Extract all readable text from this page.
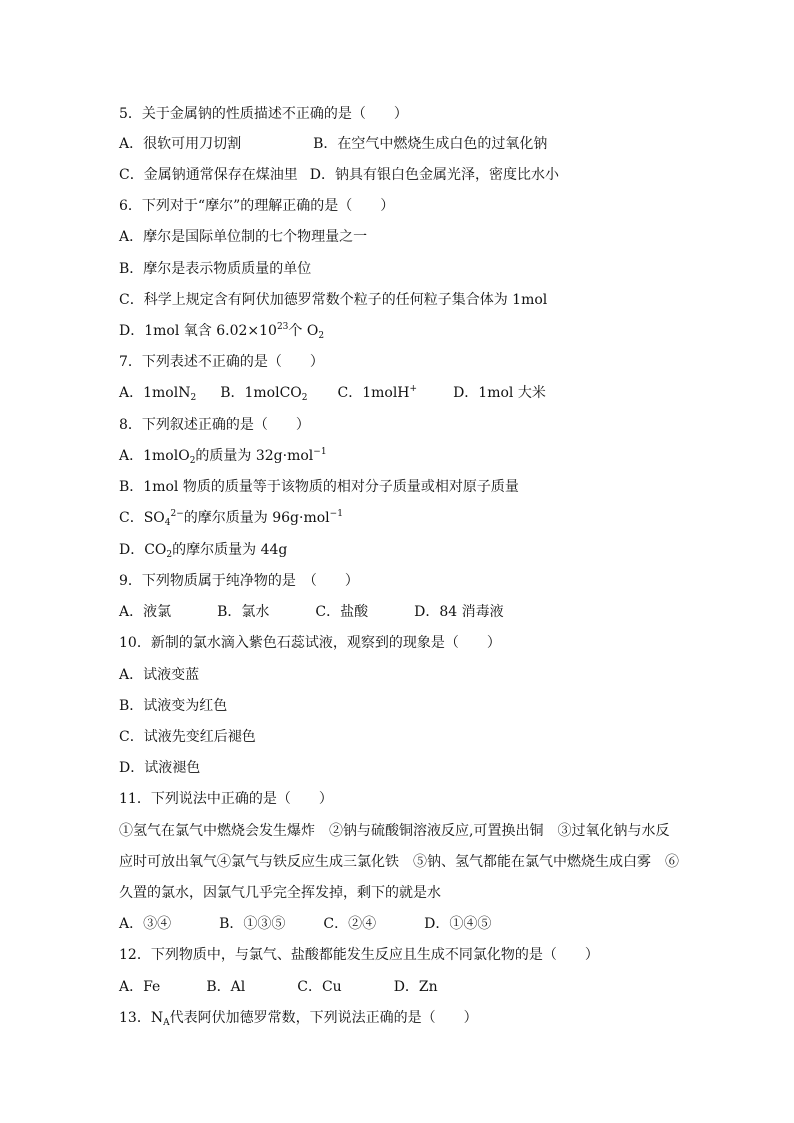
5．关于金属钠的性质描述不正确的是（　　）
A．很软可用刀切割	B．在空气中燃烧生成白色的过氧化钠
C．金属钠通常保存在煤油里 D．钠具有银白色金属光泽，密度比水小
6．下列对于“摩尔”的理解正确的是（　　）
A．摩尔是国际单位制的七个物理量之一
B．摩尔是表示物质质量的单位
C．科学上规定含有阿伏加德罗常数个粒子的任何粒子集合体为 1mol
D．1mol 氧含 $6.02\times 10^{23}$个 $O_2$
7．下列表述不正确的是（　　）
A．1molN$_2$ B．1molCO$_2$ C．1molH+	D．1mol 大米
8．下列叙述正确的是（　　）
A．1molO$_2$的质量为 32g·mol$^{-1}$
B．1mol 物质的质量等于该物质的相对分子质量或相对原子质量
C．$SO_4^{2-}$的摩尔质量为 96g·mol$^{-1}$
D．$CO_2$的摩尔质量为 44g
9．下列物质属于纯净物的是　（　　）
A．液氯	B．氯水	C．盐酸	D．84 消毒液
10．新制的氯水滴入紫色石蕊试液，观察到的现象是（　　）
A．试液变蓝
B．试液变为红色
C．试液先变红后褪色
D．试液褪色
11．下列说法中正确的是（　　）
①氢气在氯气中燃烧会发生爆炸　②钠与硫酸铜溶液反应,可置换出铜　③过氧化钠与水反
应时可放出氧气④氯气与铁反应生成三氯化铁　⑤钠、氢气都能在氯气中燃烧生成白雾　⑥
久置的氯水，因氯气几乎完全挥发掉，剩下的就是水
A．③④	B．①③⑤	C．②④	D．①④⑤
12．下列物质中，与氯气、盐酸都能发生反应且生成不同氯化物的是（　　）
A．Fe	B．Al	C．Cu	D．Zn
13．$N_A$代表阿伏加德罗常数，下列说法正确的是（　　）
